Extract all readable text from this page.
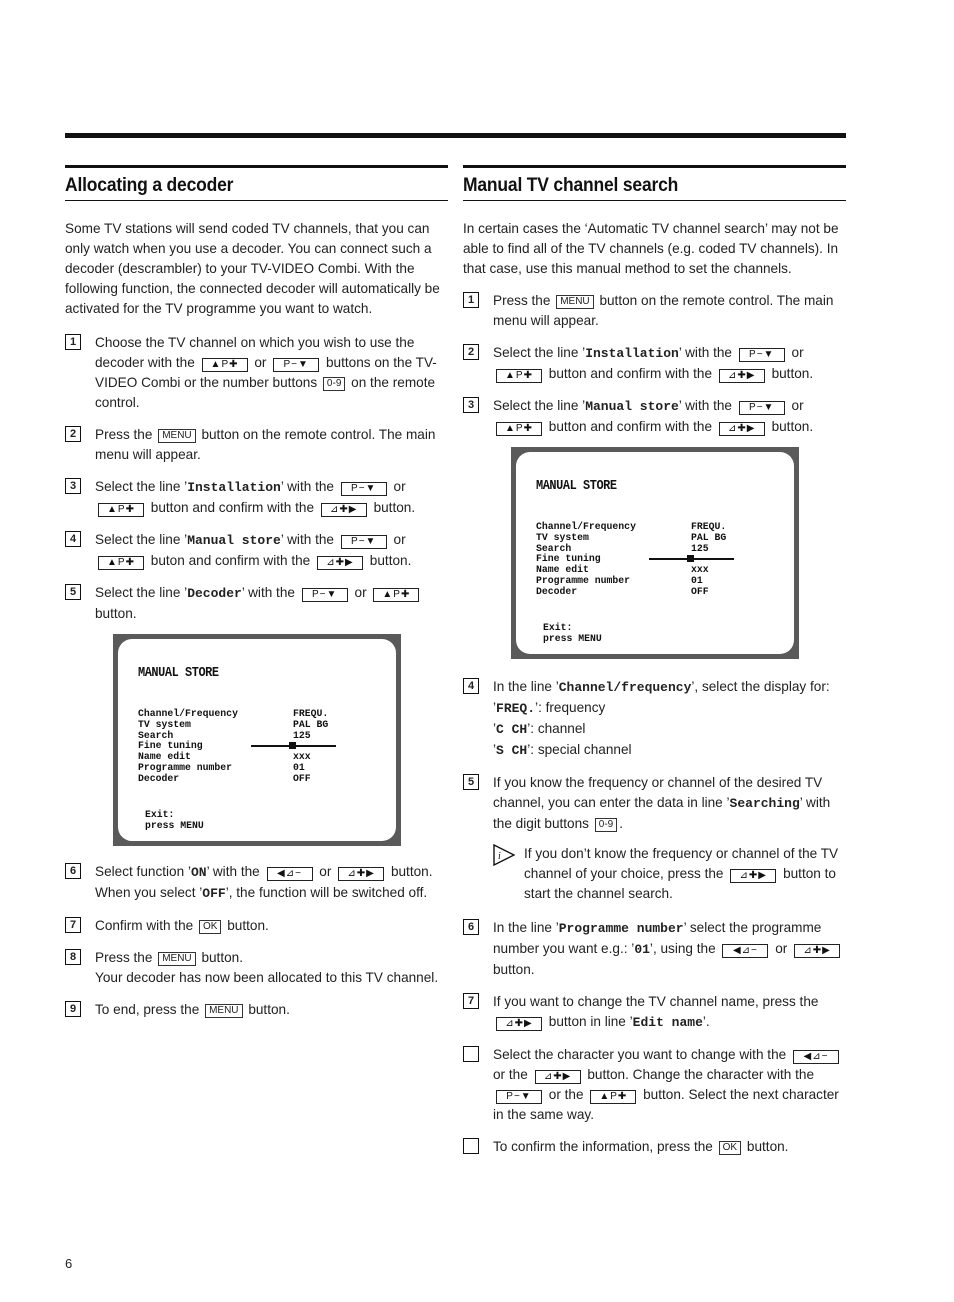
Allocating a decoder

Some TV stations will send coded TV channels, that you can only watch when you use a decoder. You can connect such a decoder (descrambler) to your TV-VIDEO Combi. With the following function, the connected decoder will automatically be activated for the TV programme you want to watch.

1	Choose the TV channel on which you wish to use the decoder with the ▲P✚ or P−▼ buttons on the TV-VIDEO Combi or the number buttons 0-9 on the remote control.
2	Press the MENU button on the remote control. The main menu will appear.
3	Select the line ’Installation’ with the P−▼ or ▲P✚ button and confirm with the ⊿✚▶ button.
4	Select the line ’Manual store’ with the P−▼ or ▲P✚ buton and confirm with the ⊿✚▶ button.
5	Select the line ’Decoder’ with the P−▼ or ▲P✚ button.
MANUAL STORE
Channel/Frequency	FREQU.
TV system	PAL BG
Search	125
Fine tuning
Name edit	xxx
Programme number	01
Decoder	OFF
Exit:
press MENU
6	Select function ’ON’ with the ◀⊿− or ⊿✚▶ button. When you select ’OFF’, the function will be switched off.
7	Confirm with the OK button.
8	Press the MENU button.
Your decoder has now been allocated to this TV channel.
9	To end, press the MENU button.
Manual TV channel search

In certain cases the ‘Automatic TV channel search’ may not be able to find all of the TV channels (e.g. coded TV channels). In that case, use this manual method to set the channels.

1	Press the MENU button on the remote control. The main menu will appear.
2	Select the line ’Installation’ with the P−▼ or ▲P✚ button and confirm with the ⊿✚▶ button.
3	Select the line ’Manual store’ with the P−▼ or ▲P✚ button and confirm with the ⊿✚▶ button.
MANUAL STORE
Channel/Frequency	FREQU.
TV system	PAL BG
Search	125
Fine tuning
Name edit	xxx
Programme number	01
Decoder	OFF
Exit:
press MENU
4	In the line ’Channel/frequency’, select the display for:
’FREQ.’: frequency
’C CH’: channel
’S CH’: special channel
5	If you know the frequency or channel of the desired TV channel, you can enter the data in line ’Searching’ with the digit buttons 0-9 .
i If you don’t know the frequency or channel of the TV channel of your choice, press the ⊿✚▶ button to start the channel search.
6	In the line ’Programme number’ select the programme number you want e.g.: ’01’, using the ◀⊿− or ⊿✚▶ button.
7	If you want to change the TV channel name, press the ⊿✚▶ button in line ’Edit name’.
Select the character you want to change with the ◀⊿− or the ⊿✚▶ button. Change the character with the P−▼ or the ▲P✚ button. Select the next character in the same way.
To confirm the information, press the OK button.
6
